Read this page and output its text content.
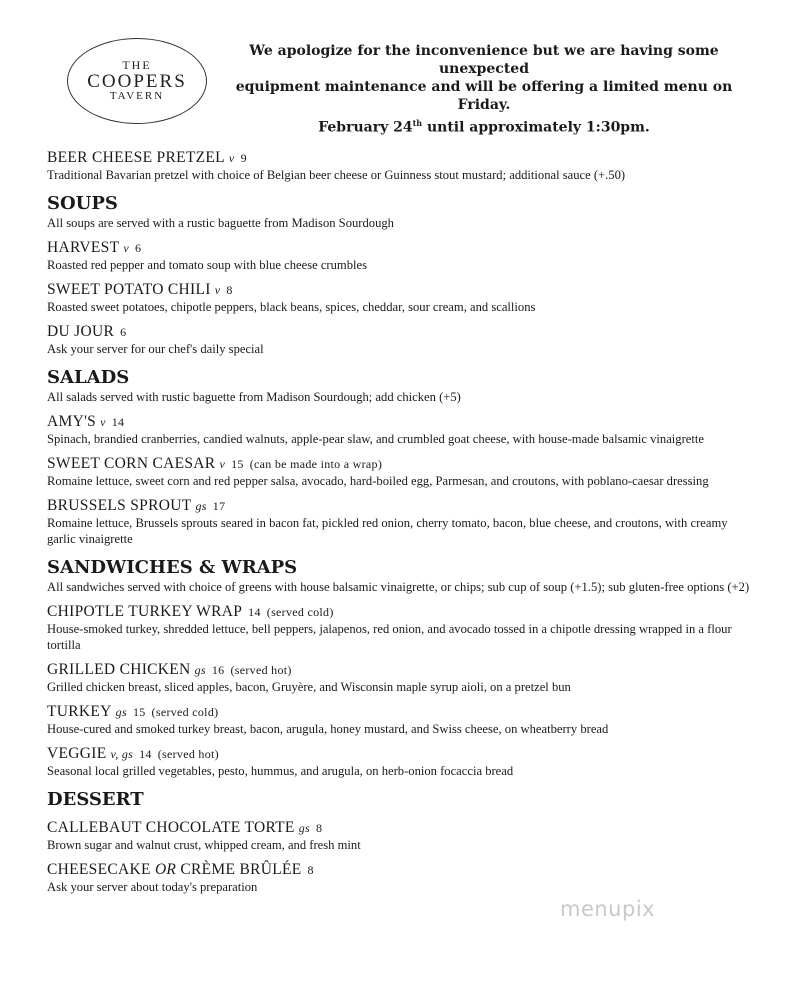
THE
COOPERS
TAVERN
We apologize for the inconvenience but we are having some unexpected
equipment maintenance and will be offering a limited menu on Friday.
February 24th until approximately 1:30pm.
BEER CHEESE PRETZEL v 9
Traditional Bavarian pretzel with choice of Belgian beer cheese or Guinness stout mustard; additional sauce (+.50)
SOUPS
All soups are served with a rustic baguette from Madison Sourdough
HARVEST v 6
Roasted red pepper and tomato soup with blue cheese crumbles
SWEET POTATO CHILI v 8
Roasted sweet potatoes, chipotle peppers, black beans, spices, cheddar, sour cream, and scallions
DU JOUR 6
Ask your server for our chef's daily special
SALADS
All salads served with rustic baguette from Madison Sourdough; add chicken (+5)
AMY'S v 14
Spinach, brandied cranberries, candied walnuts, apple-pear slaw, and crumbled goat cheese, with house-made balsamic vinaigrette
SWEET CORN CAESAR v 15 (can be made into a wrap)
Romaine lettuce, sweet corn and red pepper salsa, avocado, hard-boiled egg, Parmesan, and croutons, with poblano-caesar dressing
BRUSSELS SPROUT gs 17
Romaine lettuce, Brussels sprouts seared in bacon fat, pickled red onion, cherry tomato, bacon, blue cheese, and croutons, with creamy garlic vinaigrette
SANDWICHES & WRAPS
All sandwiches served with choice of greens with house balsamic vinaigrette, or chips; sub cup of soup (+1.5); sub gluten-free options (+2)
CHIPOTLE TURKEY WRAP 14 (served cold)
House-smoked turkey, shredded lettuce, bell peppers, jalapenos, red onion, and avocado tossed in a chipotle dressing wrapped in a flour tortilla
GRILLED CHICKEN gs 16 (served hot)
Grilled chicken breast, sliced apples, bacon, Gruyère, and Wisconsin maple syrup aioli, on a pretzel bun
TURKEY gs 15 (served cold)
House-cured and smoked turkey breast, bacon, arugula, honey mustard, and Swiss cheese, on wheatberry bread
VEGGIE v, gs 14 (served hot)
Seasonal local grilled vegetables, pesto, hummus, and arugula, on herb-onion focaccia bread
DESSERT
CALLEBAUT CHOCOLATE TORTE gs 8
Brown sugar and walnut crust, whipped cream, and fresh mint
CHEESECAKE OR CRÈME BRÛLÉE 8
Ask your server about today's preparation
menupix
